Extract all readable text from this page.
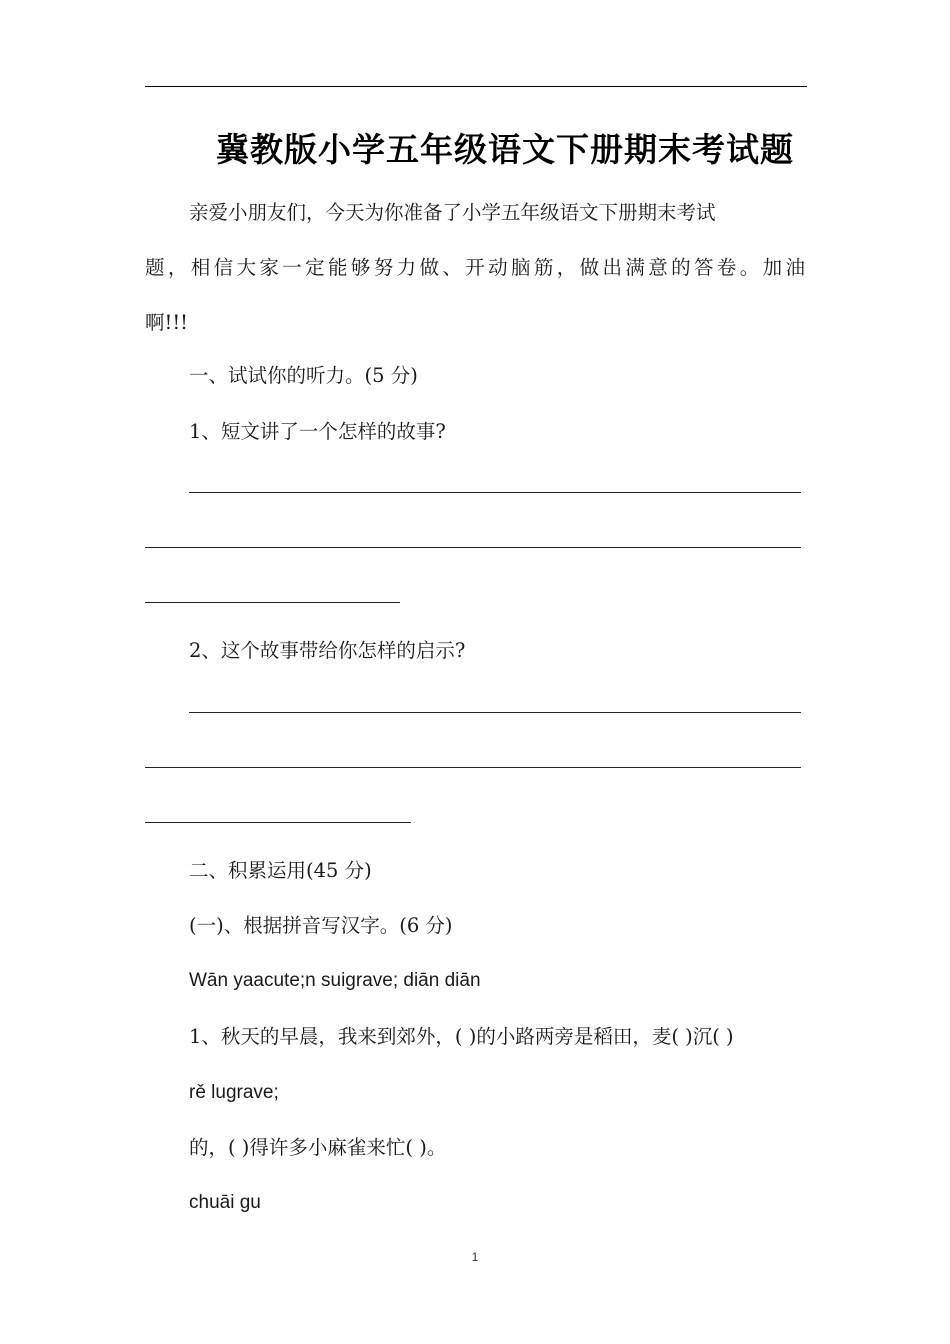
冀教版小学五年级语文下册期末考试题
亲爱小朋友们，今天为你准备了小学五年级语文下册期末考试
题，相信大家一定能够努力做、开动脑筋，做出满意的答卷。加油
啊!!!
一、试试你的听力。(5 分)
1、短文讲了一个怎样的故事?
2、这个故事带给你怎样的启示?
二、积累运用(45 分)
(一)、根据拼音写汉字。(6 分)
Wān yaacute;n suigrave; diān diān
1、秋天的早晨，我来到郊外，( )的小路两旁是稻田，麦( )沉( )
rě lugrave;
的，( )得许多小麻雀来忙( )。
chuāi gu
1
